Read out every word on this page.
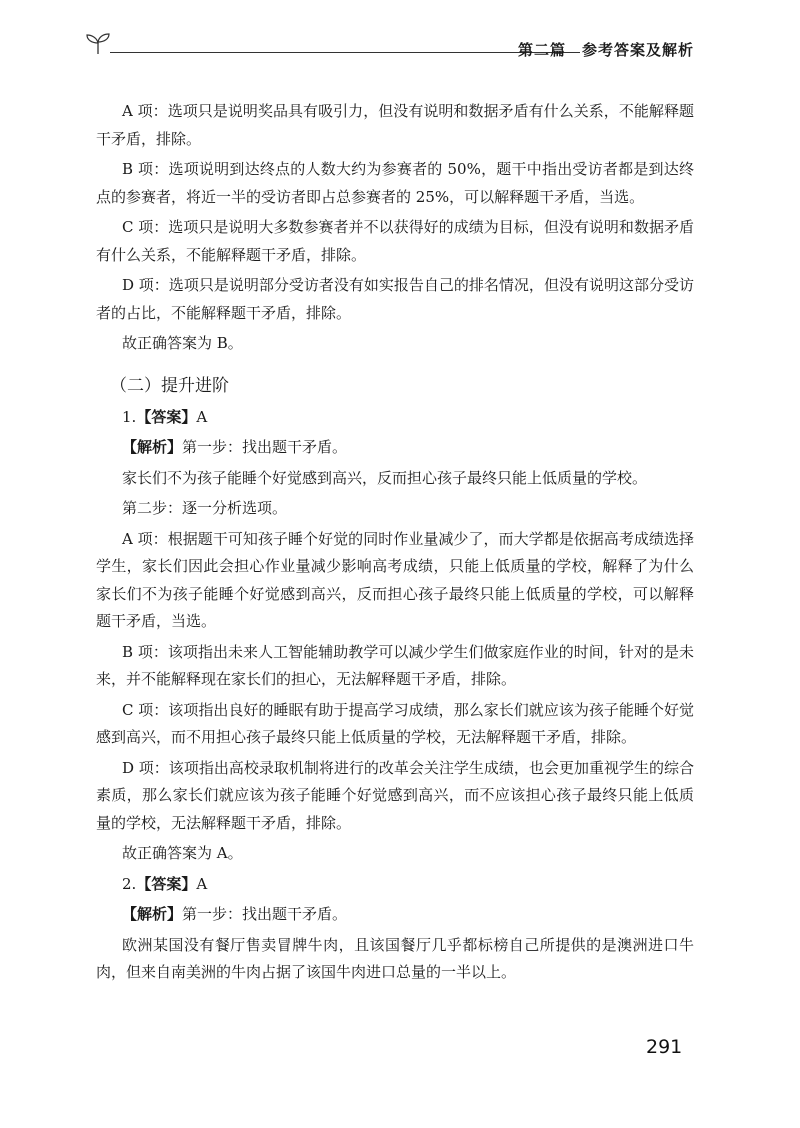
第二篇 参考答案及解析

A 项：选项只是说明奖品具有吸引力，但没有说明和数据矛盾有什么关系，不能解释题干矛盾，排除。

B 项：选项说明到达终点的人数大约为参赛者的 50%，题干中指出受访者都是到达终点的参赛者，将近一半的受访者即占总参赛者的 25%，可以解释题干矛盾，当选。

C 项：选项只是说明大多数参赛者并不以获得好的成绩为目标，但没有说明和数据矛盾有什么关系，不能解释题干矛盾，排除。

D 项：选项只是说明部分受访者没有如实报告自己的排名情况，但没有说明这部分受访者的占比，不能解释题干矛盾，排除。

故正确答案为 B。

（二）提升进阶

1.【答案】A

【解析】第一步：找出题干矛盾。

家长们不为孩子能睡个好觉感到高兴，反而担心孩子最终只能上低质量的学校。

第二步：逐一分析选项。

A 项：根据题干可知孩子睡个好觉的同时作业量减少了，而大学都是依据高考成绩选择学生，家长们因此会担心作业量减少影响高考成绩，只能上低质量的学校，解释了为什么家长们不为孩子能睡个好觉感到高兴，反而担心孩子最终只能上低质量的学校，可以解释题干矛盾，当选。

B 项：该项指出未来人工智能辅助教学可以减少学生们做家庭作业的时间，针对的是未来，并不能解释现在家长们的担心，无法解释题干矛盾，排除。

C 项：该项指出良好的睡眠有助于提高学习成绩，那么家长们就应该为孩子能睡个好觉感到高兴，而不用担心孩子最终只能上低质量的学校，无法解释题干矛盾，排除。

D 项：该项指出高校录取机制将进行的改革会关注学生成绩，也会更加重视学生的综合素质，那么家长们就应该为孩子能睡个好觉感到高兴，而不应该担心孩子最终只能上低质量的学校，无法解释题干矛盾，排除。

故正确答案为 A。

2.【答案】A

【解析】第一步：找出题干矛盾。

欧洲某国没有餐厅售卖冒牌牛肉，且该国餐厅几乎都标榜自己所提供的是澳洲进口牛肉，但来自南美洲的牛肉占据了该国牛肉进口总量的一半以上。

291
